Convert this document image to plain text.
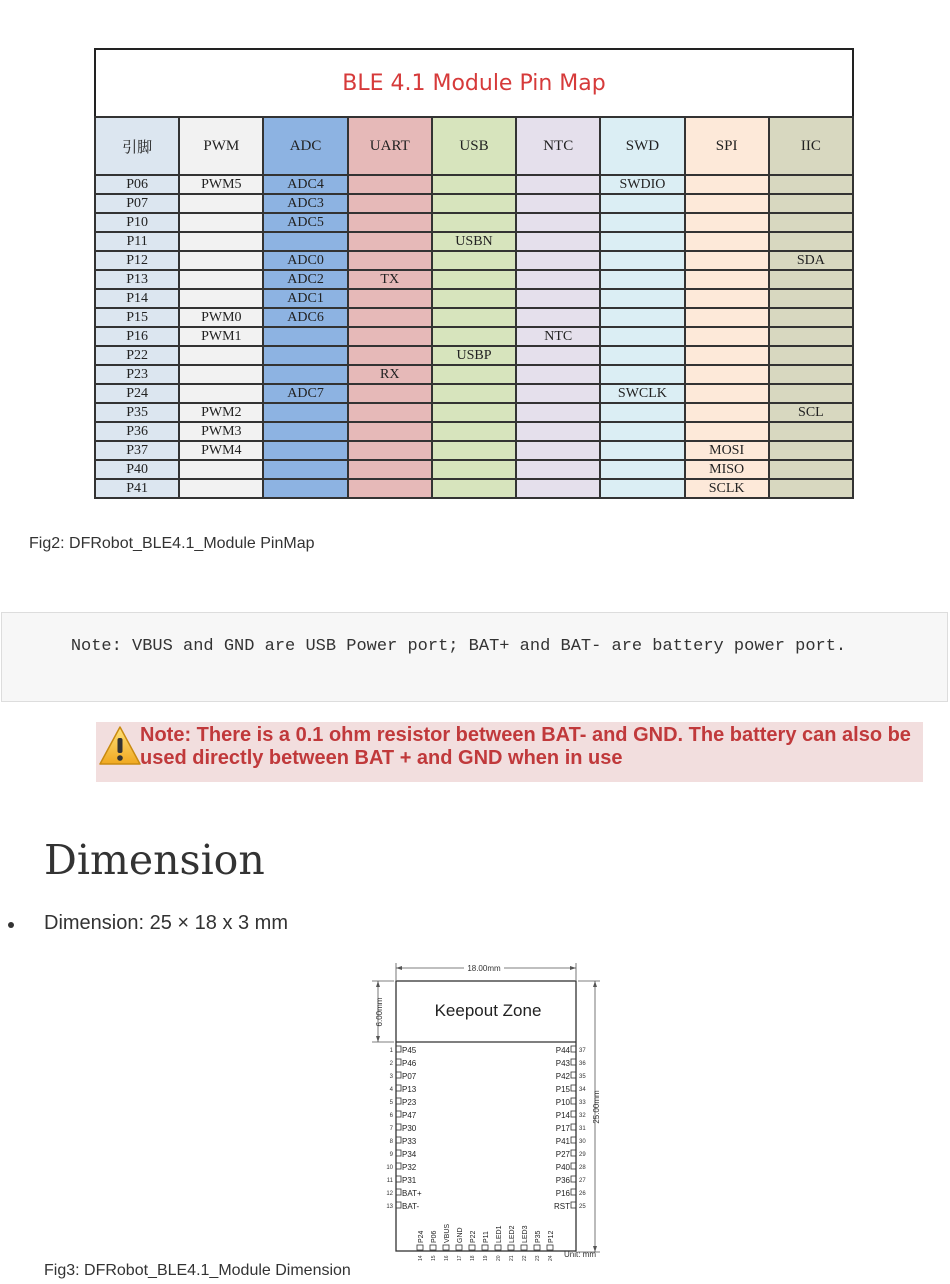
BLE 4.1 Module Pin Map
引脚	PWM	ADC	UART	USB	NTC	SWD	SPI	IIC
P06	PWM5	ADC4				SWDIO		
P07		ADC3						
P10		ADC5						
P11				USBN				
P12		ADC0						SDA
P13		ADC2	TX					
P14		ADC1						
P15	PWM0	ADC6						
P16	PWM1				NTC			
P22				USBP				
P23			RX					
P24		ADC7				SWCLK		
P35	PWM2							SCL
P36	PWM3							
P37	PWM4						MOSI	
P40							MISO	
P41							SCLK	
Fig2: DFRobot_BLE4.1_Module PinMap
Note: VBUS and GND are USB Power port; BAT+ and BAT- are battery power port.
Note: There is a 0.1 ohm resistor between BAT- and GND. The battery can also be used directly between BAT + and GND when in use
Dimension
Dimension: 25 × 18 x 3 mm
18.00mm
6.00mm
25.00mm
Keepout Zone
1 P45
2 P46
3 P07
4 P13
5 P23
6 P47
7 P30
8 P33
9 P34
10 P32
11 P31
12 BAT+
13 BAT-
P44 37
P43 36
P42 35
P15 34
P10 33
P14 32
P17 31
P41 30
P27 29
P40 28
P36 27
P16 26
RST 25
P24
14
P06
15
VBUS
16
GND
17
P22
18
P11
19
LED1
20
LED2
21
LED3
22
P35
23
P12
24 Unit: mm
Fig3: DFRobot_BLE4.1_Module Dimension
